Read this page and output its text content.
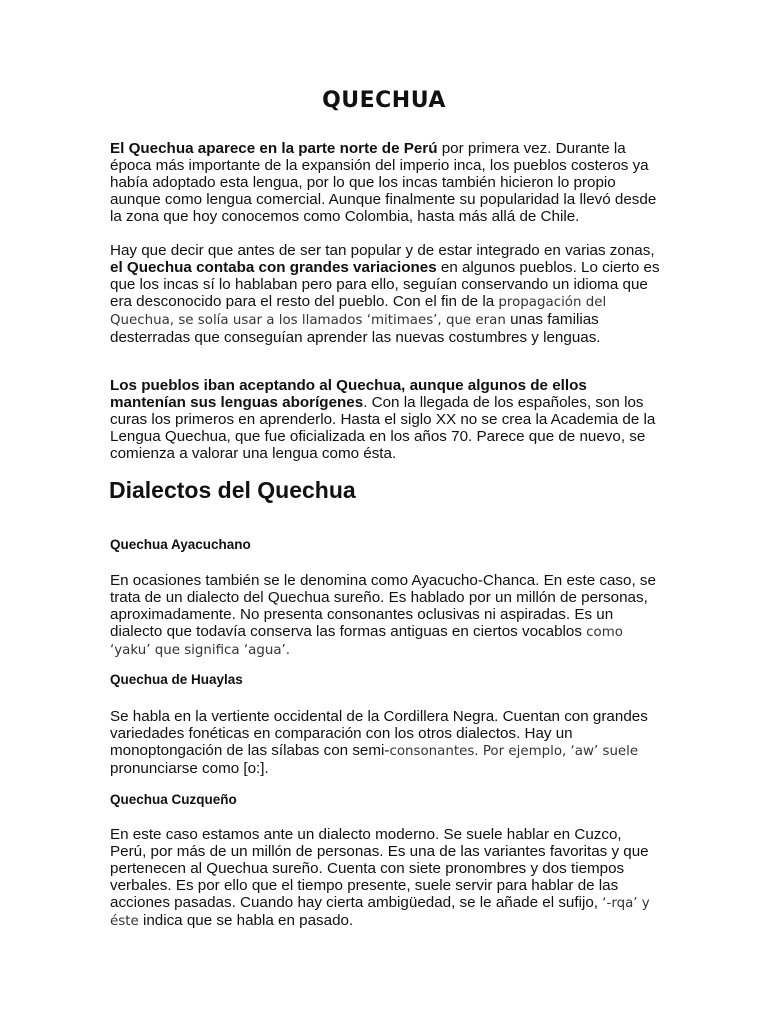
QUECHUA

El Quechua aparece en la parte norte de Perú por primera vez. Durante la época más importante de la expansión del imperio inca, los pueblos costeros ya había adoptado esta lengua, por lo que los incas también hicieron lo propio aunque como lengua comercial. Aunque finalmente su popularidad la llevó desde la zona que hoy conocemos como Colombia, hasta más allá de Chile.

Hay que decir que antes de ser tan popular y de estar integrado en varias zonas, el Quechua contaba con grandes variaciones en algunos pueblos. Lo cierto es que los incas sí lo hablaban pero para ello, seguían conservando un idioma que era desconocido para el resto del pueblo. Con el fin de la propagación del Quechua, se solía usar a los llamados ‘mitimaes’, que eran unas familias desterradas que conseguían aprender las nuevas costumbres y lenguas.

Los pueblos iban aceptando al Quechua, aunque algunos de ellos mantenían sus lenguas aborígenes. Con la llegada de los españoles, son los curas los primeros en aprenderlo. Hasta el siglo XX no se crea la Academia de la Lengua Quechua, que fue oficializada en los años 70. Parece que de nuevo, se comienza a valorar una lengua como ésta.

Dialectos del Quechua
Quechua Ayacuchano

En ocasiones también se le denomina como Ayacucho-Chanca. En este caso, se trata de un dialecto del Quechua sureño. Es hablado por un millón de personas, aproximadamente. No presenta consonantes oclusivas ni aspiradas. Es un dialecto que todavía conserva las formas antiguas en ciertos vocablos como ‘yaku’ que significa ‘agua’.

Quechua de Huaylas

Se habla en la vertiente occidental de la Cordillera Negra. Cuentan con grandes variedades fonéticas en comparación con los otros dialectos. Hay un monoptongación de las sílabas con semi-consonantes. Por ejemplo, ‘aw’ suele pronunciarse como [o:].

Quechua Cuzqueño

En este caso estamos ante un dialecto moderno. Se suele hablar en Cuzco, Perú, por más de un millón de personas. Es una de las variantes favoritas y que pertenecen al Quechua sureño. Cuenta con siete pronombres y dos tiempos verbales. Es por ello que el tiempo presente, suele servir para hablar de las acciones pasadas. Cuando hay cierta ambigüedad, se le añade el sufijo, ‘-rqa’ y éste indica que se habla en pasado.
